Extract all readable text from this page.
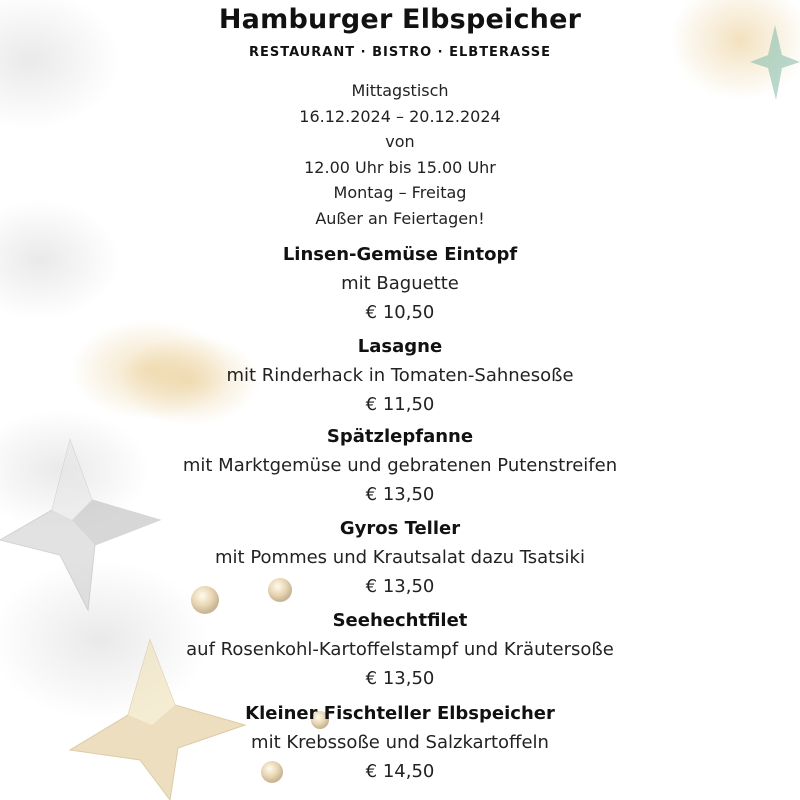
Hamburger Elbspeicher
RESTAURANT · BISTRO · ELBTERASSE
Mittagstisch
16.12.2024 – 20.12.2024
von
12.00 Uhr bis 15.00 Uhr
Montag – Freitag
Außer an Feiertagen!
Linsen-Gemüse Eintopf
mit Baguette
€ 10,50
Lasagne
mit Rinderhack in Tomaten-Sahnesoße
€ 11,50
Spätzlepfanne
mit Marktgemüse und gebratenen Putenstreifen
€ 13,50
Gyros Teller
mit Pommes und Krautsalat dazu Tsatsiki
€ 13,50
Seehechtfilet
auf Rosenkohl-Kartoffelstampf und Kräutersoße
€ 13,50
Kleiner Fischteller Elbspeicher
mit Krebssoße und Salzkartoffeln
€ 14,50
